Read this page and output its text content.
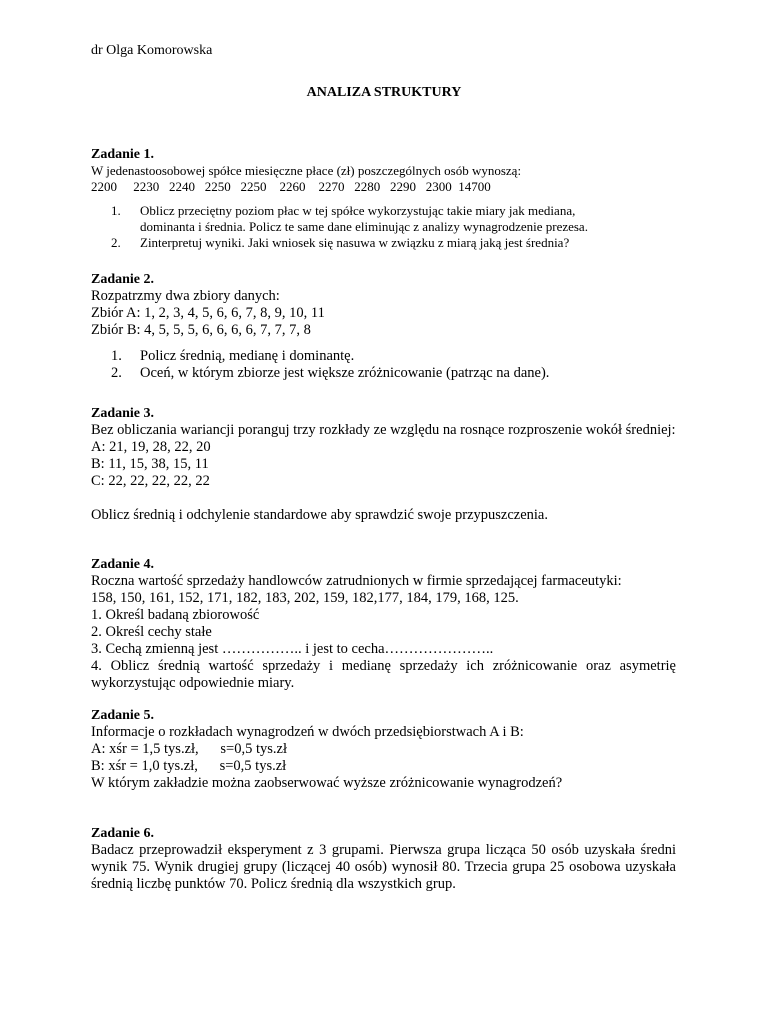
dr Olga Komorowska
ANALIZA STRUKTURY
Zadanie 1.
W jedenastoosobowej spółce miesięczne płace (zł) poszczególnych osób wynoszą:
2200     2230   2240   2250   2250    2260    2270   2280   2290   2300  14700
1. Oblicz przeciętny poziom płac w tej spółce wykorzystując takie miary jak mediana,
dominanta i średnia. Policz te same dane eliminując z analizy wynagrodzenie prezesa.
2. Zinterpretuj wyniki. Jaki wniosek się nasuwa w związku z miarą jaką jest średnia?
Zadanie 2.
Rozpatrzmy dwa zbiory danych:
Zbiór A: 1, 2, 3, 4, 5, 6, 6, 7, 8, 9, 10, 11
Zbiór B: 4, 5, 5, 5, 6, 6, 6, 6, 7, 7, 7, 8
1. Policz średnią, medianę i dominantę.
2. Oceń, w którym zbiorze jest większe zróżnicowanie (patrząc na dane).
Zadanie 3.
Bez obliczania wariancji poranguj trzy rozkłady ze względu na rosnące rozproszenie wokół średniej:
A: 21, 19, 28, 22, 20
B: 11, 15, 38, 15, 11
C: 22, 22, 22, 22, 22
Oblicz średnią i odchylenie standardowe aby sprawdzić swoje przypuszczenia.
Zadanie 4.
Roczna wartość sprzedaży handlowców zatrudnionych w firmie sprzedającej farmaceutyki:
158, 150, 161, 152, 171, 182, 183, 202, 159, 182,177, 184, 179, 168, 125.
1. Określ badaną zbiorowość
2. Określ cechy stałe
3. Cechą zmienną jest …………….. i jest to cecha…………………..
4. Oblicz średnią wartość sprzedaży i medianę sprzedaży ich zróżnicowanie oraz asymetrię wykorzystując odpowiednie miary.
Zadanie 5.
Informacje o rozkładach wynagrodzeń w dwóch przedsiębiorstwach A i B:
A: xśr = 1,5 tys.zł,      s=0,5 tys.zł
B: xśr = 1,0 tys.zł,      s=0,5 tys.zł
W którym zakładzie można zaobserwować wyższe zróżnicowanie wynagrodzeń?
Zadanie 6.
Badacz przeprowadził eksperyment z 3 grupami. Pierwsza grupa licząca 50 osób uzyskała średni wynik 75. Wynik drugiej grupy (liczącej 40 osób) wynosił 80. Trzecia grupa 25 osobowa uzyskała średnią liczbę punktów 70. Policz średnią dla wszystkich grup.
